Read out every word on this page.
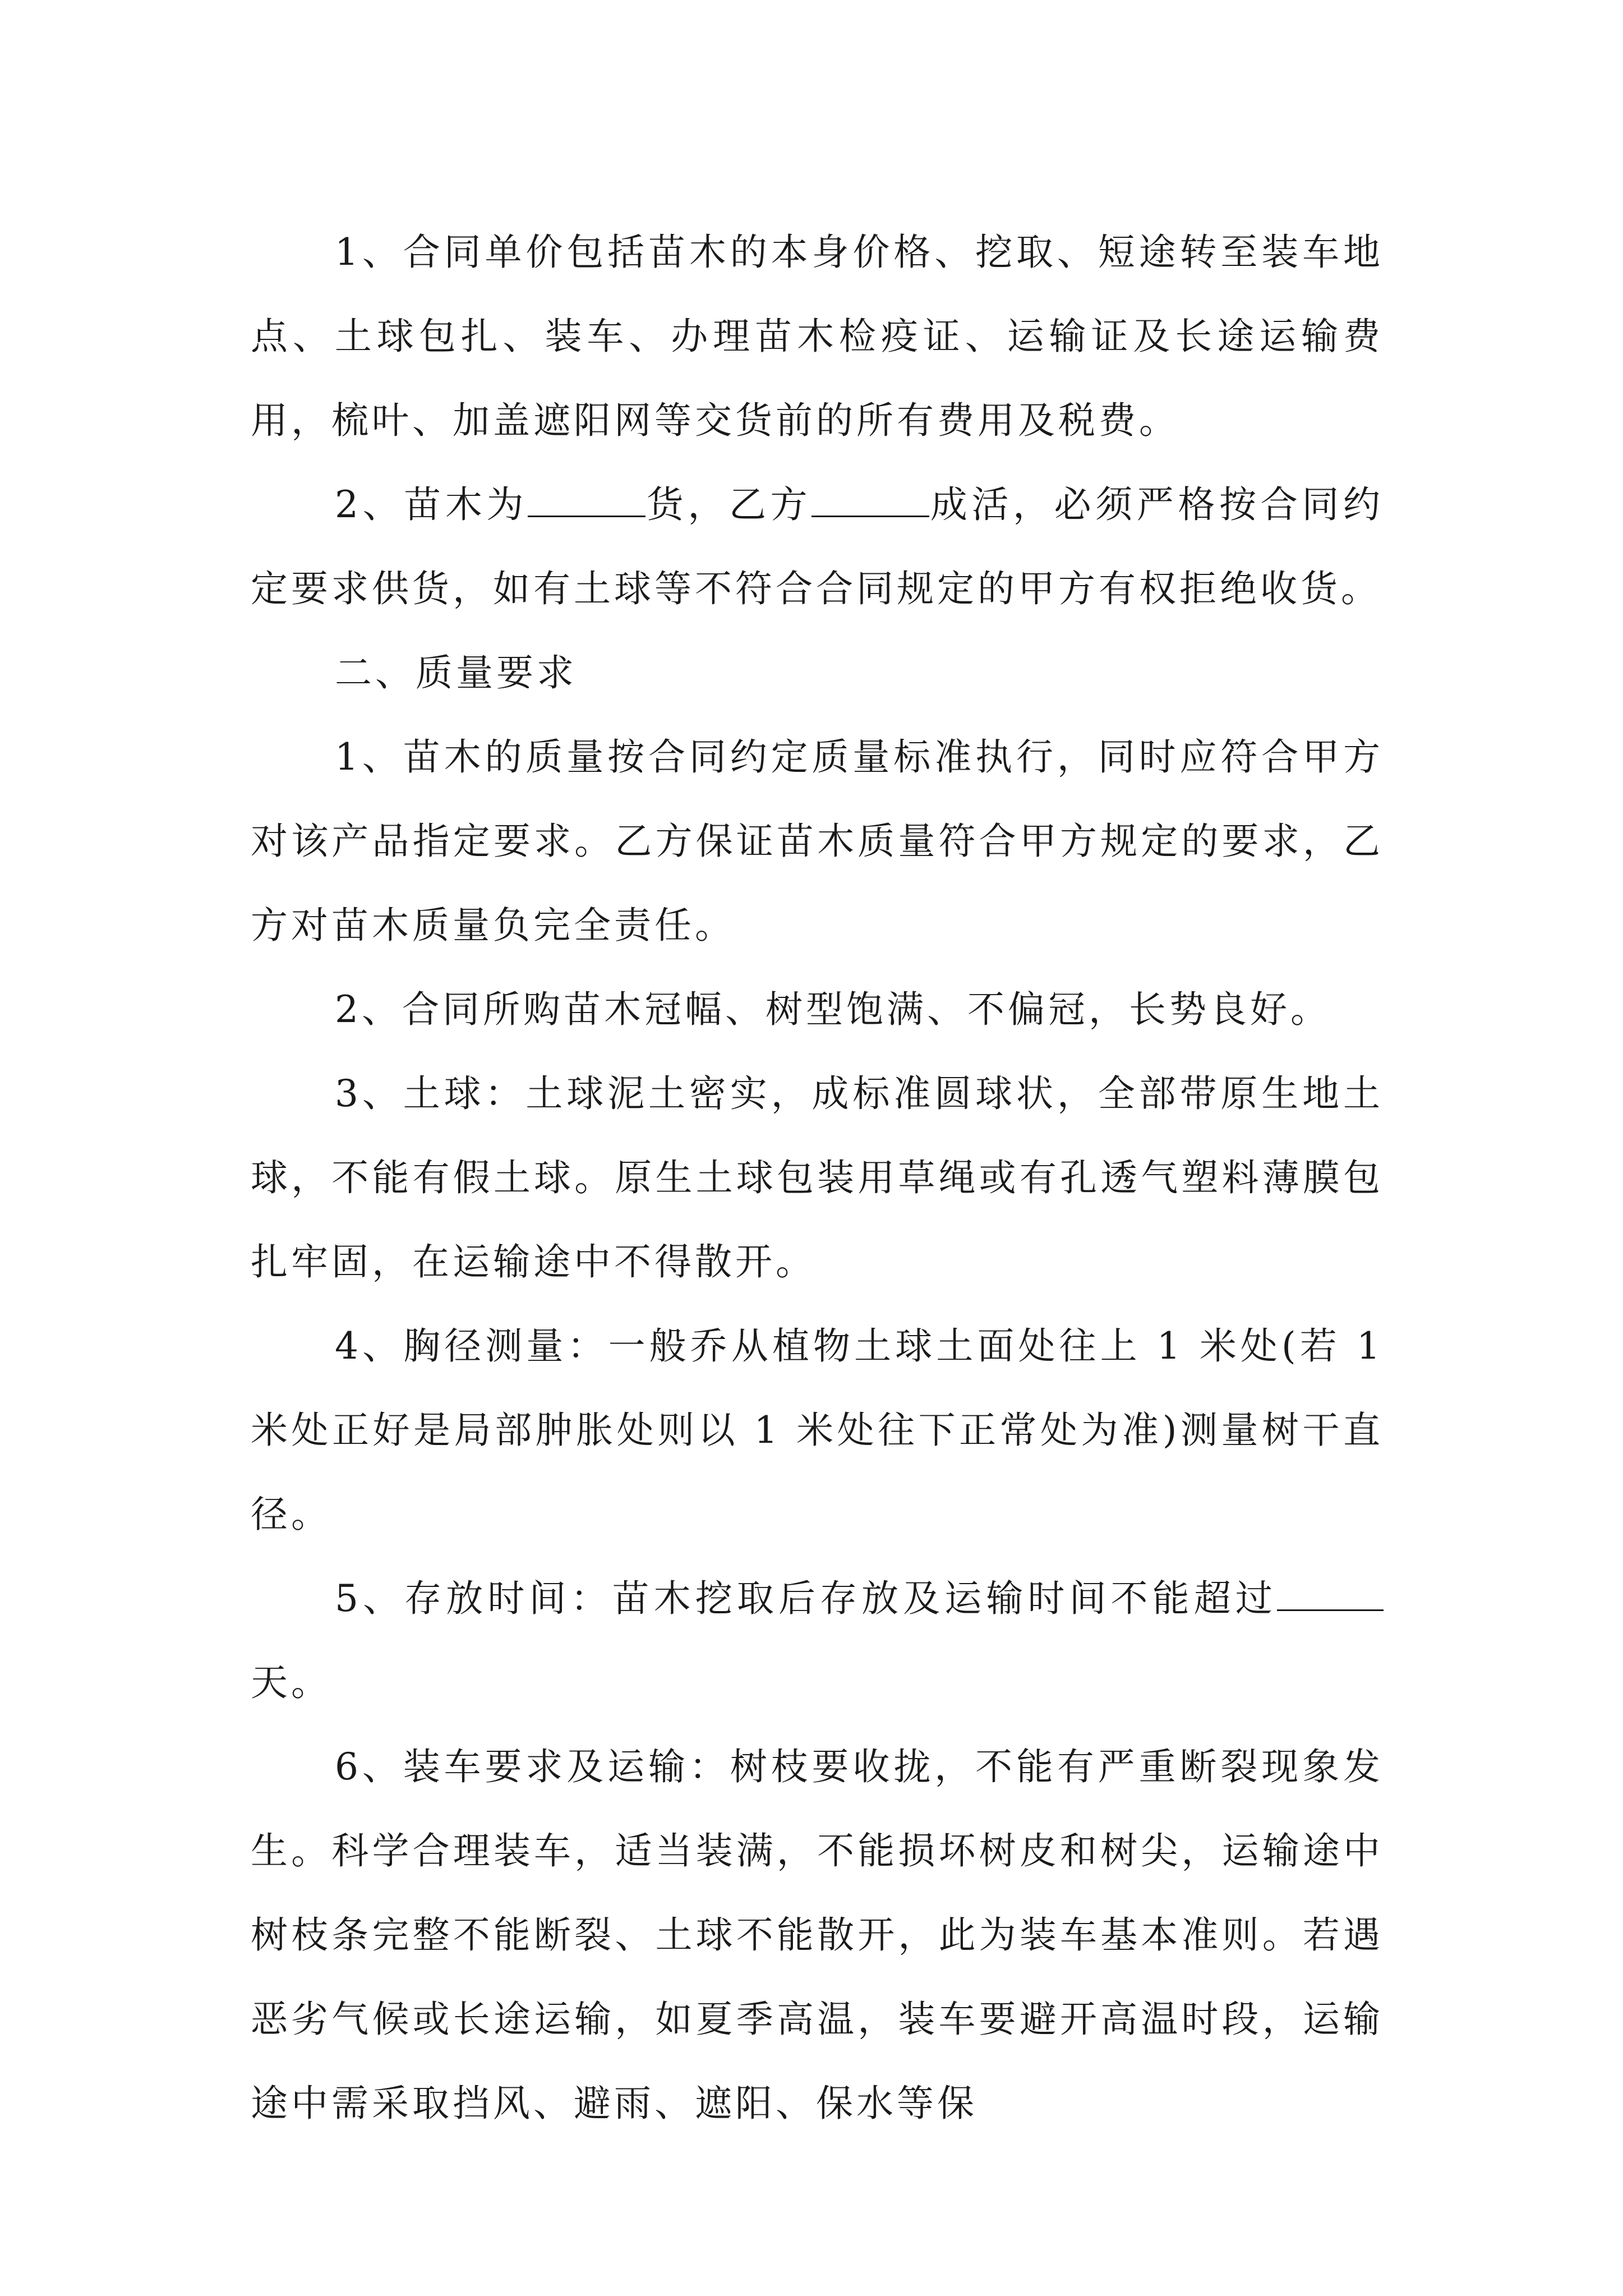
1、合同单价包括苗木的本身价格、挖取、短途转至装车地点、土球包扎、装车、办理苗木检疫证、运输证及长途运输费用，梳叶、加盖遮阳网等交货前的所有费用及税费。

2、苗木为	货，乙方	成活，必须严格按合同约定要求供货，如有土球等不符合合同规定的甲方有权拒绝收货。

二、质量要求

1、苗木的质量按合同约定质量标准执行，同时应符合甲方对该产品指定要求。乙方保证苗木质量符合甲方规定的要求，乙方对苗木质量负完全责任。

2、合同所购苗木冠幅、树型饱满、不偏冠，长势良好。

3、土球：土球泥土密实，成标准圆球状，全部带原生地土球，不能有假土球。原生土球包装用草绳或有孔透气塑料薄膜包扎牢固，在运输途中不得散开。

4、胸径测量：一般乔从植物土球土面处往上 1 米处(若 1 米处正好是局部肿胀处则以 1 米处往下正常处为准)测量树干直径。

5、存放时间：苗木挖取后存放及运输时间不能超过天。

6、装车要求及运输：树枝要收拢，不能有严重断裂现象发生。科学合理装车，适当装满，不能损坏树皮和树尖，运输途中树枝条完整不能断裂、土球不能散开，此为装车基本准则。若遇恶劣气候或长途运输，如夏季高温，装车要避开高温时段，运输途中需采取挡风、避雨、遮阳、保水等保
